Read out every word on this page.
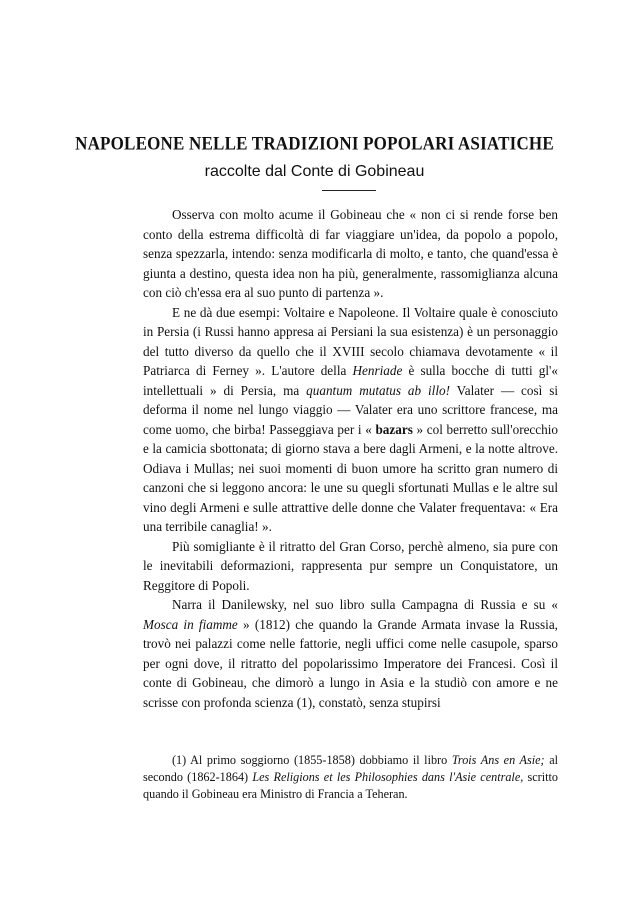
NAPOLEONE NELLE TRADIZIONI POPOLARI ASIATICHE
raccolte dal Conte di Gobineau

Osserva con molto acume il Gobineau che « non ci si rende forse ben conto della estrema difficoltà di far viaggiare un'idea, da popolo a popolo, senza spezzarla, intendo: senza modificarla di molto, e tanto, che quand'essa è giunta a destino, questa idea non ha più, generalmente, rassomiglianza alcuna con ciò ch'essa era al suo punto di partenza ».

E ne dà due esempi: Voltaire e Napoleone. Il Voltaire quale è conosciuto in Persia (i Russi hanno appresa ai Persiani la sua esistenza) è un personaggio del tutto diverso da quello che il XVIII secolo chiamava devotamente « il Patriarca di Ferney ». L'autore della Henriade è sulla bocche di tutti gl'« intellettuali » di Persia, ma quantum mutatus ab illo! Valater — così si deforma il nome nel lungo viaggio — Valater era uno scrittore francese, ma come uomo, che birba! Passeggiava per i « bazars » col berretto sull'orecchio e la camicia sbottonata; di giorno stava a bere dagli Armeni, e la notte altrove. Odiava i Mullas; nei suoi momenti di buon umore ha scritto gran numero di canzoni che si leggono ancora: le une su quegli sfortunati Mullas e le altre sul vino degli Armeni e sulle attrattive delle donne che Valater frequentava: « Era una terribile canaglia! ».

Più somigliante è il ritratto del Gran Corso, perchè almeno, sia pure con le inevitabili deformazioni, rappresenta pur sempre un Conquistatore, un Reggitore di Popoli.

Narra il Danilewsky, nel suo libro sulla Campagna di Russia e su « Mosca in fiamme » (1812) che quando la Grande Armata invase la Russia, trovò nei palazzi come nelle fattorie, negli uffici come nelle casupole, sparso per ogni dove, il ritratto del popolarissimo Imperatore dei Francesi. Così il conte di Gobineau, che dimorò a lungo in Asia e la studiò con amore e ne scrisse con profonda scienza (1), constatò, senza stupirsi

(1) Al primo soggiorno (1855-1858) dobbiamo il libro Trois Ans en Asie; al secondo (1862-1864) Les Religions et les Philosophies dans l'Asie centrale, scritto quando il Gobineau era Ministro di Francia a Teheran.
